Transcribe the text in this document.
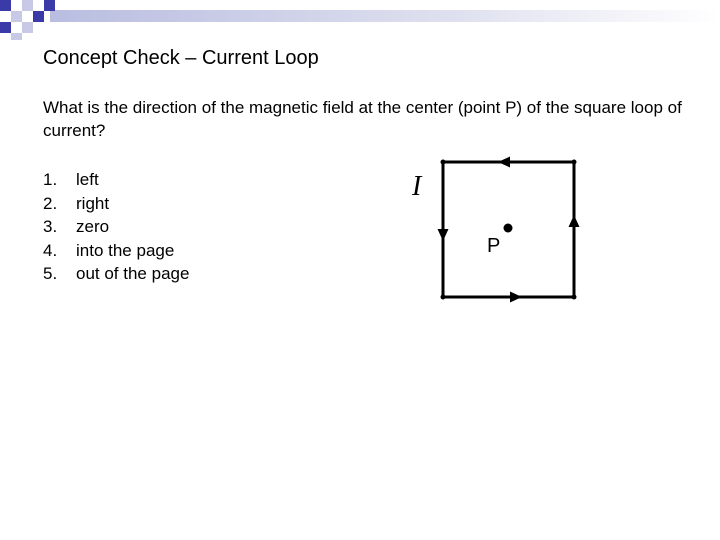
Concept Check – Current Loop
What is the direction of the magnetic field at the center (point P) of the square loop of current?
1. left
2. right
3. zero
4. into the page
5. out of the page
I
P
